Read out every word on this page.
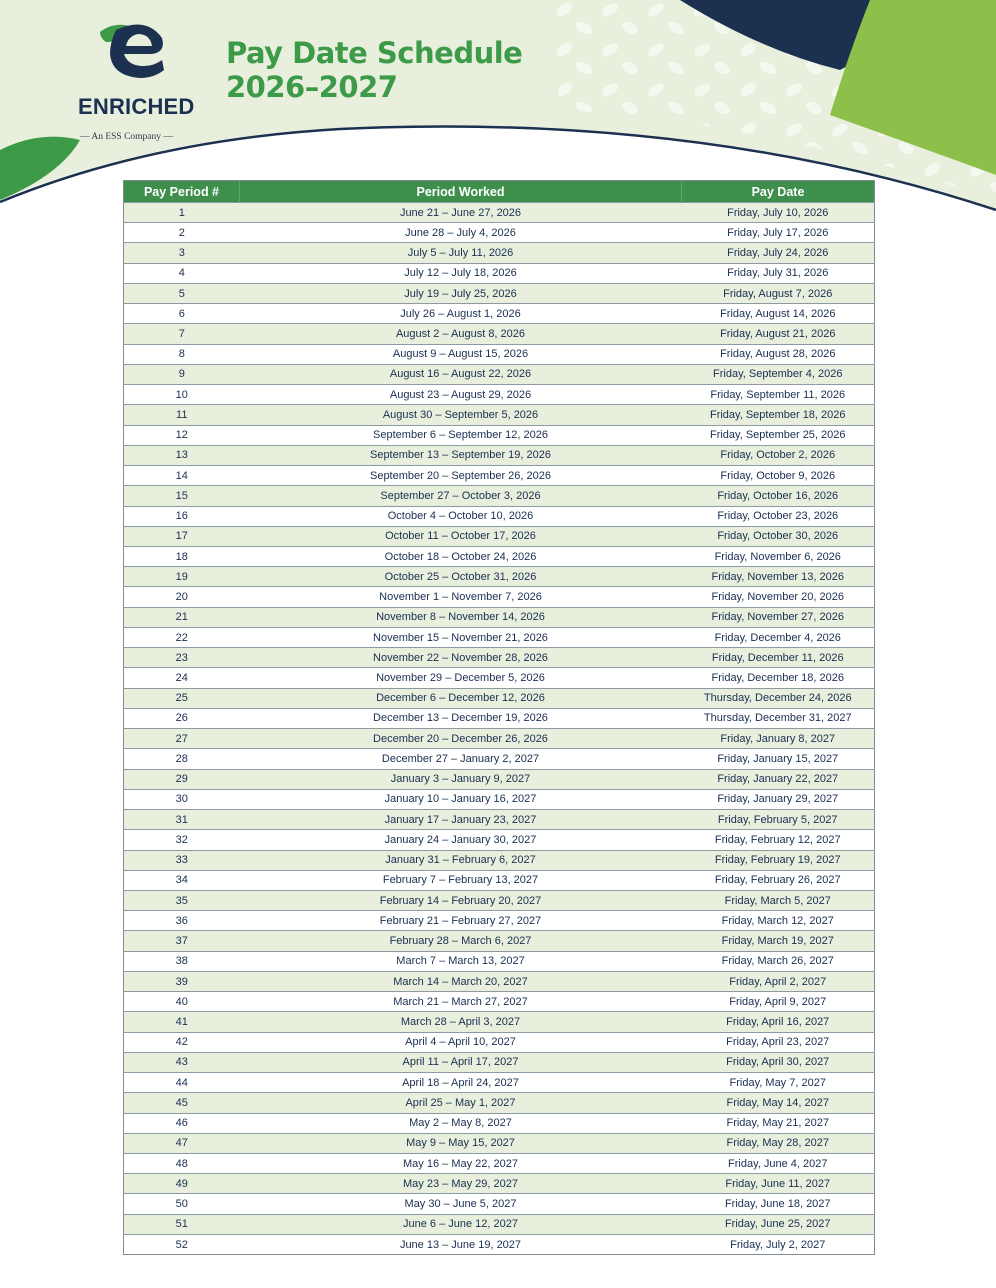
ENRICHED
— An ESS Company —
Pay Date Schedule
2026–2027
Pay Period #	Period Worked	Pay Date
1	June 21 – June 27, 2026	Friday, July 10, 2026
2	June 28 – July 4, 2026	Friday, July 17, 2026
3	July 5 – July 11, 2026	Friday, July 24, 2026
4	July 12 – July 18, 2026	Friday, July 31, 2026
5	July 19 – July 25, 2026	Friday, August 7, 2026
6	July 26 – August 1, 2026	Friday, August 14, 2026
7	August 2 – August 8, 2026	Friday, August 21, 2026
8	August 9 – August 15, 2026	Friday, August 28, 2026
9	August 16 – August 22, 2026	Friday, September 4, 2026
10	August 23 – August 29, 2026	Friday, September 11, 2026
11	August 30 – September 5, 2026	Friday, September 18, 2026
12	September 6 – September 12, 2026	Friday, September 25, 2026
13	September 13 – September 19, 2026	Friday, October 2, 2026
14	September 20 – September 26, 2026	Friday, October 9, 2026
15	September 27 – October 3, 2026	Friday, October 16, 2026
16	October 4 – October 10, 2026	Friday, October 23, 2026
17	October 11 – October 17, 2026	Friday, October 30, 2026
18	October 18 – October 24, 2026	Friday, November 6, 2026
19	October 25 – October 31, 2026	Friday, November 13, 2026
20	November 1 – November 7, 2026	Friday, November 20, 2026
21	November 8 – November 14, 2026	Friday, November 27, 2026
22	November 15 – November 21, 2026	Friday, December 4, 2026
23	November 22 – November 28, 2026	Friday, December 11, 2026
24	November 29 – December 5, 2026	Friday, December 18, 2026
25	December 6 – December 12, 2026	Thursday, December 24, 2026
26	December 13 – December 19, 2026	Thursday, December 31, 2027
27	December 20 – December 26, 2026	Friday, January 8, 2027
28	December 27 – January 2, 2027	Friday, January 15, 2027
29	January 3 – January 9, 2027	Friday, January 22, 2027
30	January 10 – January 16, 2027	Friday, January 29, 2027
31	January 17 – January 23, 2027	Friday, February 5, 2027
32	January 24 – January 30, 2027	Friday, February 12, 2027
33	January 31 – February 6, 2027	Friday, February 19, 2027
34	February 7 – February 13, 2027	Friday, February 26, 2027
35	February 14 – February 20, 2027	Friday, March 5, 2027
36	February 21 – February 27, 2027	Friday, March 12, 2027
37	February 28 – March 6, 2027	Friday, March 19, 2027
38	March 7 – March 13, 2027	Friday, March 26, 2027
39	March 14 – March 20, 2027	Friday, April 2, 2027
40	March 21 – March 27, 2027	Friday, April 9, 2027
41	March 28 – April 3, 2027	Friday, April 16, 2027
42	April 4 – April 10, 2027	Friday, April 23, 2027
43	April 11 – April 17, 2027	Friday, April 30, 2027
44	April 18 – April 24, 2027	Friday, May 7, 2027
45	April 25 – May 1, 2027	Friday, May 14, 2027
46	May 2 – May 8, 2027	Friday, May 21, 2027
47	May 9 – May 15, 2027	Friday, May 28, 2027
48	May 16 – May 22, 2027	Friday, June 4, 2027
49	May 23 – May 29, 2027	Friday, June 11, 2027
50	May 30 – June 5, 2027	Friday, June 18, 2027
51	June 6 – June 12, 2027	Friday, June 25, 2027
52	June 13 – June 19, 2027	Friday, July 2, 2027
